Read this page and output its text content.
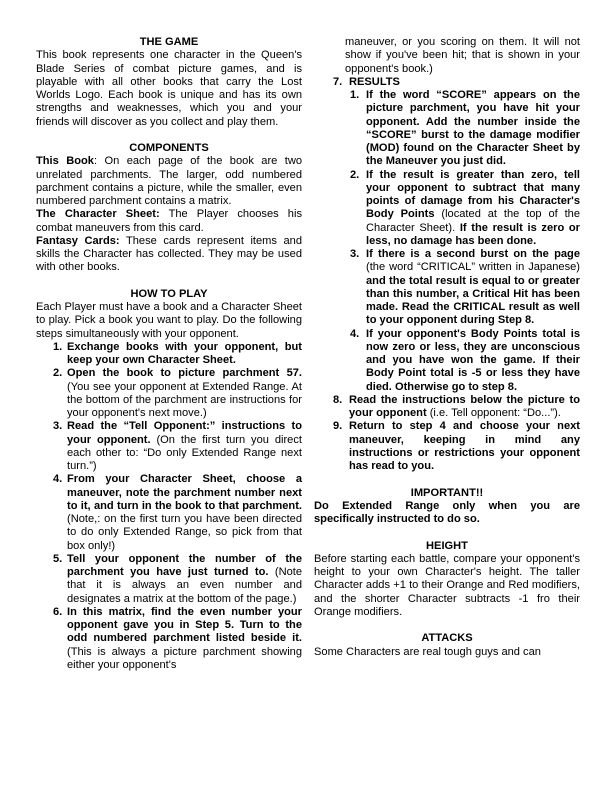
THE GAME

This book represents one character in the Queen's Blade Series of combat picture games, and is playable with all other books that carry the Lost Worlds Logo. Each book is unique and has its own strengths and weaknesses, which you and your friends will discover as you collect and play them.

COMPONENTS

This Book: On each page of the book are two unrelated parchments. The larger, odd numbered parchment contains a picture, while the smaller, even numbered parchment contains a matrix.

The Character Sheet: The Player chooses his combat maneuvers from this card.

Fantasy Cards: These cards represent items and skills the Character has collected. They may be used with other books.

HOW TO PLAY

Each Player must have a book and a Character Sheet to play. Pick a book you want to play. Do the following steps simultaneously with your opponent.

1. Exchange books with your opponent, but keep your own Character Sheet.
2. Open the book to picture parchment 57. (You see your opponent at Extended Range. At the bottom of the parchment are instructions for your opponent's next move.)
3. Read the “Tell Opponent:” instructions to your opponent. (On the first turn you direct each other to: “Do only Extended Range next turn.”)
4. From your Character Sheet, choose a maneuver, note the parchment number next to it, and turn in the book to that parchment. (Note,: on the first turn you have been directed to do only Extended Range, so pick from that box only!)
5. Tell your opponent the number of the parchment you have just turned to. (Note that it is always an even number and designates a matrix at the bottom of the page.)
6. In this matrix, find the even number your opponent gave you in Step 5. Turn to the odd numbered parchment listed beside it. (This is always a picture parchment showing either your opponent's

maneuver, or you scoring on them. It will not show if you've been hit; that is shown in your opponent's book.)

7. RESULTS
1. If the word “SCORE” appears on the picture parchment, you have hit your opponent. Add the number inside the “SCORE” burst to the damage modifier (MOD) found on the Character Sheet by the Maneuver you just did.
2. If the result is greater than zero, tell your opponent to subtract that many points of damage from his Character's Body Points (located at the top of the Character Sheet). If the result is zero or less, no damage has been done.
3. If there is a second burst on the page (the word “CRITICAL” written in Japanese) and the total result is equal to or greater than this number, a Critical Hit has been made. Read the CRITICAL result as well to your opponent during Step 8.
4. If your opponent's Body Points total is now zero or less, they are unconscious and you have won the game. If their Body Point total is -5 or less they have died. Otherwise go to step 8.
8. Read the instructions below the picture to your opponent (i.e. Tell opponent: “Do...”).
9. Return to step 4 and choose your next maneuver, keeping in mind any instructions or restrictions your opponent has read to you.
IMPORTANT!!

Do Extended Range only when you are specifically instructed to do so.

HEIGHT

Before starting each battle, compare your opponent's height to your own Character's height. The taller Character adds +1 to their Orange and Red modifiers, and the shorter Character subtracts -1 fro their Orange modifiers.

ATTACKS

Some Characters are real tough guys and can
